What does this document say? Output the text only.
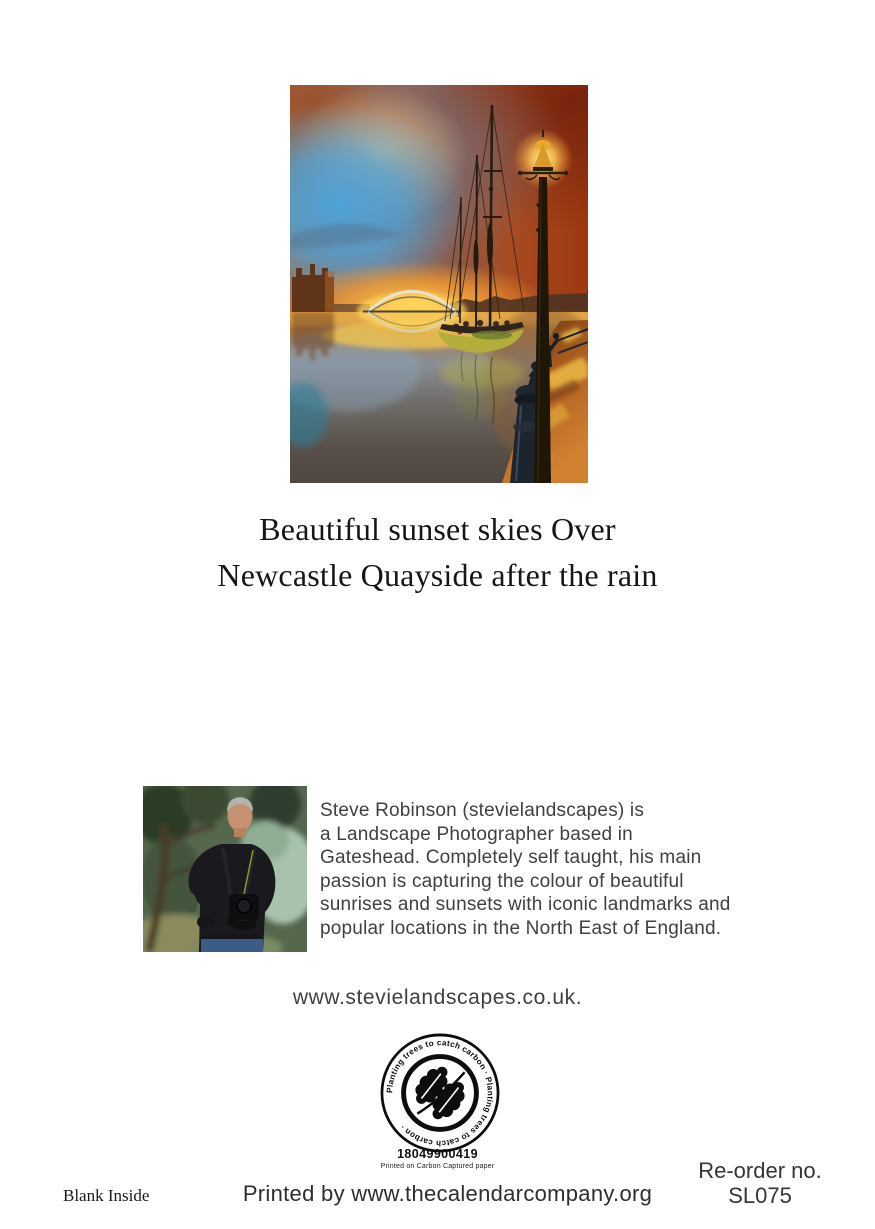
Beautiful sunset skies Over
Newcastle Quayside after the rain
Steve Robinson (stevielandscapes) is
a Landscape Photographer based in
Gateshead. Completely self taught, his main
passion is capturing the colour of beautiful
sunrises and sunsets with iconic landmarks and
popular locations in the North East of England.
www.stevielandscapes.co.uk.
Planting trees to catch carbon · Planting trees to catch carbon ·
18049900419
Printed on Carbon Captured paper
Blank Inside	Printed by www.thecalendarcompany.org
Re-order no.
SL075
